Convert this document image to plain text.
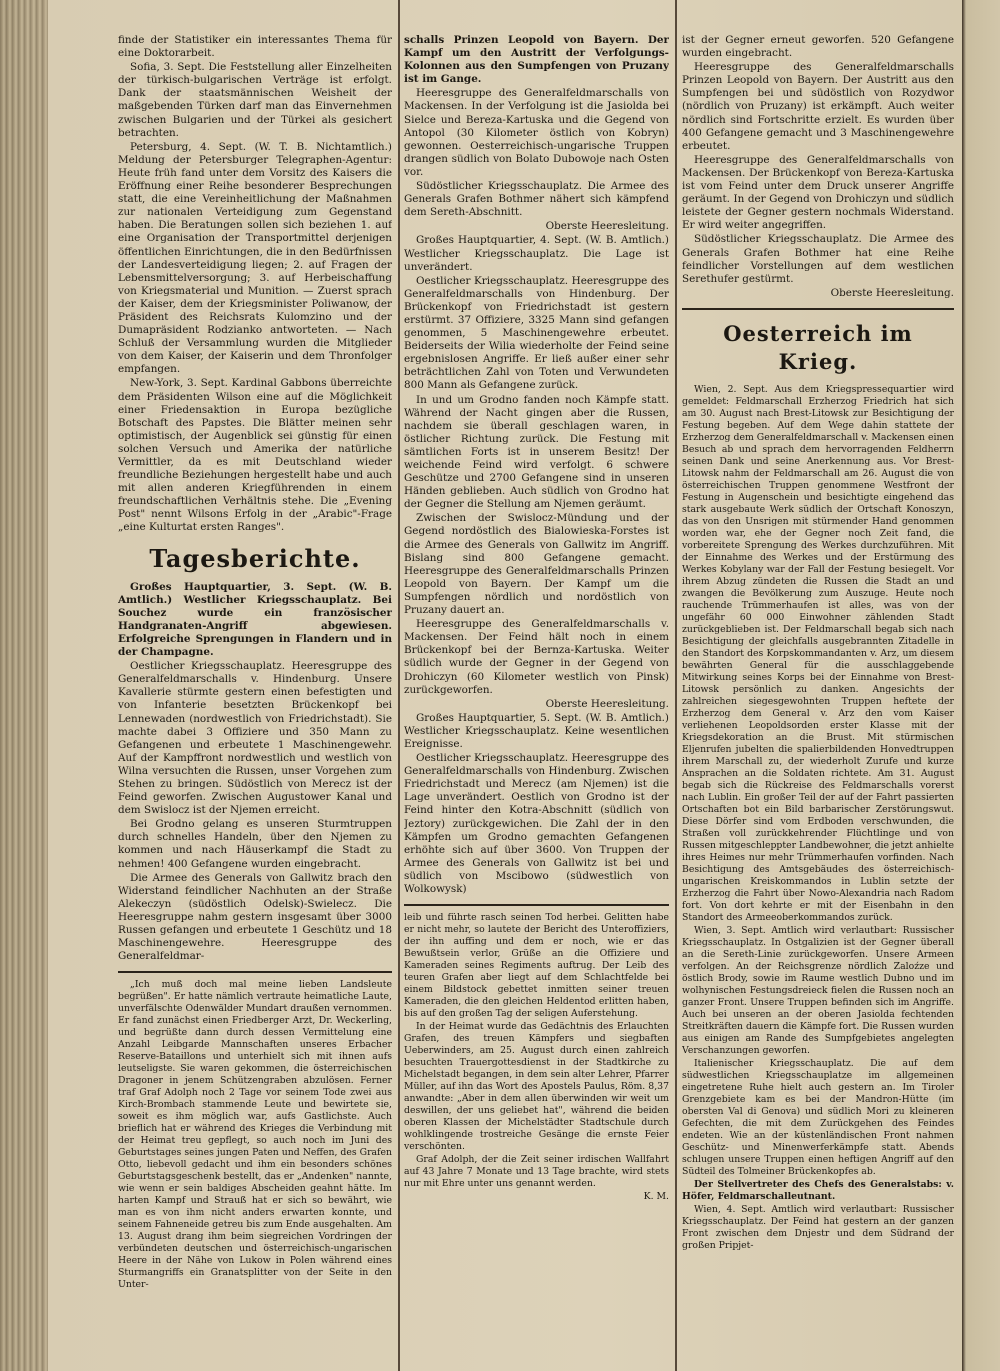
finde der Statistiker ein interessantes Thema für eine Doktorarbeit.

Sofia, 3. Sept. Die Feststellung aller Einzelheiten der türkisch-bulgarischen Verträge ist erfolgt. Dank der staatsmännischen Weisheit der maßgebenden Türken darf man das Einvernehmen zwischen Bulgarien und der Türkei als gesichert betrachten.

Petersburg, 4. Sept. (W. T. B. Nichtamtlich.) Meldung der Petersburger Telegraphen-Agentur: Heute früh fand unter dem Vorsitz des Kaisers die Eröffnung einer Reihe besonderer Besprechungen statt, die eine Vereinheitlichung der Maßnahmen zur nationalen Verteidigung zum Gegenstand haben. Die Beratungen sollen sich beziehen 1. auf eine Organisation der Transportmittel derjenigen öffentlichen Einrichtungen, die in den Bedürfnissen der Landesverteidigung liegen; 2. auf Fragen der Lebensmittelversorgung; 3. auf Herbeischaffung von Kriegsmaterial und Munition. — Zuerst sprach der Kaiser, dem der Kriegsminister Poliwanow, der Präsident des Reichsrats Kulomzino und der Dumapräsident Rodzianko antworteten. — Nach Schluß der Versammlung wurden die Mitglieder von dem Kaiser, der Kaiserin und dem Thronfolger empfangen.

New-York, 3. Sept. Kardinal Gabbons überreichte dem Präsidenten Wilson eine auf die Möglichkeit einer Friedensaktion in Europa bezügliche Botschaft des Papstes. Die Blätter meinen sehr optimistisch, der Augenblick sei günstig für einen solchen Versuch und Amerika der natürliche Vermittler, da es mit Deutschland wieder freundliche Beziehungen hergestellt habe und auch mit allen anderen Kriegführenden in einem freundschaftlichen Verhältnis stehe. Die „Evening Post" nennt Wilsons Erfolg in der „Arabic"-Frage „eine Kulturtat ersten Ranges".

Tagesberichte.

Großes Hauptquartier, 3. Sept. (W. B. Amtlich.) Westlicher Kriegsschauplatz. Bei Souchez wurde ein französischer Handgranaten-Angriff abgewiesen. Erfolgreiche Sprengungen in Flandern und in der Champagne.

Oestlicher Kriegsschauplatz. Heeresgruppe des Generalfeldmarschalls v. Hindenburg. Unsere Kavallerie stürmte gestern einen befestigten und von Infanterie besetzten Brückenkopf bei Lennewaden (nordwestlich von Friedrichstadt). Sie machte dabei 3 Offiziere und 350 Mann zu Gefangenen und erbeutete 1 Maschinengewehr. Auf der Kampffront nordwestlich und westlich von Wilna versuchten die Russen, unser Vorgehen zum Stehen zu bringen. Südöstlich von Merecz ist der Feind geworfen. Zwischen Augustower Kanal und dem Swislocz ist der Njemen erreicht.

Bei Grodno gelang es unseren Sturmtruppen durch schnelles Handeln, über den Njemen zu kommen und nach Häuserkampf die Stadt zu nehmen! 400 Gefangene wurden eingebracht.

Die Armee des Generals von Gallwitz brach den Widerstand feindlicher Nachhuten an der Straße Alekeczyn (südöstlich Odelsk)-Swielecz. Die Heeresgruppe nahm gestern insgesamt über 3000 Russen gefangen und erbeutete 1 Geschütz und 18 Maschinengewehre. Heeresgruppe des Generalfeldmar-

„Ich muß doch mal meine lieben Landsleute begrüßen". Er hatte nämlich vertraute heimatliche Laute, unverfälschte Odenwälder Mundart draußen vernommen. Er fand zunächst einen Friedberger Arzt, Dr. Weckerling, und begrüßte dann durch dessen Vermittelung eine Anzahl Leibgarde Mannschaften unseres Erbacher Reserve-Bataillons und unterhielt sich mit ihnen aufs leutseligste. Sie waren gekommen, die österreichischen Dragoner in jenem Schützengraben abzulösen. Ferner traf Graf Adolph noch 2 Tage vor seinem Tode zwei aus Kirch-Brombach stammende Leute und bewirtete sie, soweit es ihm möglich war, aufs Gastlichste. Auch brieflich hat er während des Krieges die Verbindung mit der Heimat treu gepflegt, so auch noch im Juni des Geburtstages seines jungen Paten und Neffen, des Grafen Otto, liebevoll gedacht und ihm ein besonders schönes Geburtstagsgeschenk bestellt, das er „Andenken" nannte, wie wenn er sein baldiges Abscheiden geahnt hätte. Im harten Kampf und Strauß hat er sich so bewährt, wie man es von ihm nicht anders erwarten konnte, und seinem Fahneneide getreu bis zum Ende ausgehalten. Am 13. August drang ihm beim siegreichen Vordringen der verbündeten deutschen und österreichisch-ungarischen Heere in der Nähe von Lukow in Polen während eines Sturmangriffs ein Granatsplitter von der Seite in den Unter-

schalls Prinzen Leopold von Bayern. Der Kampf um den Austritt der Verfolgungs-Kolonnen aus den Sumpfengen von Pruzany ist im Gange.

Heeresgruppe des Generalfeldmarschalls von Mackensen. In der Verfolgung ist die Jasiolda bei Sielce und Bereza-Kartuska und die Gegend von Antopol (30 Kilometer östlich von Kobryn) gewonnen. Oesterreichisch-ungarische Truppen drangen südlich von Bolato Dubowoje nach Osten vor.

Südöstlicher Kriegsschauplatz. Die Armee des Generals Grafen Bothmer nähert sich kämpfend dem Sereth-Abschnitt.

Oberste Heeresleitung.

Großes Hauptquartier, 4. Sept. (W. B. Amtlich.) Westlicher Kriegsschauplatz. Die Lage ist unverändert.

Oestlicher Kriegsschauplatz. Heeresgruppe des Generalfeldmarschalls von Hindenburg. Der Brückenkopf von Friedrichstadt ist gestern erstürmt. 37 Offiziere, 3325 Mann sind gefangen genommen, 5 Maschinengewehre erbeutet. Beiderseits der Wilia wiederholte der Feind seine ergebnislosen Angriffe. Er ließ außer einer sehr beträchtlichen Zahl von Toten und Verwundeten 800 Mann als Gefangene zurück.

In und um Grodno fanden noch Kämpfe statt. Während der Nacht gingen aber die Russen, nachdem sie überall geschlagen waren, in östlicher Richtung zurück. Die Festung mit sämtlichen Forts ist in unserem Besitz! Der weichende Feind wird verfolgt. 6 schwere Geschütze und 2700 Gefangene sind in unseren Händen geblieben. Auch südlich von Grodno hat der Gegner die Stellung am Njemen geräumt.

Zwischen der Swislocz-Mündung und der Gegend nordöstlich des Bialowieska-Forstes ist die Armee des Generals von Gallwitz im Angriff. Bislang sind 800 Gefangene gemacht. Heeresgruppe des Generalfeldmarschalls Prinzen Leopold von Bayern. Der Kampf um die Sumpfengen nördlich und nordöstlich von Pruzany dauert an.

Heeresgruppe des Generalfeldmarschalls v. Mackensen. Der Feind hält noch in einem Brückenkopf bei der Bernza-Kartuska. Weiter südlich wurde der Gegner in der Gegend von Drohiczyn (60 Kilometer westlich von Pinsk) zurückgeworfen.

Oberste Heeresleitung.

Großes Hauptquartier, 5. Sept. (W. B. Amtlich.) Westlicher Kriegsschauplatz. Keine wesentlichen Ereignisse.

Oestlicher Kriegsschauplatz. Heeresgruppe des Generalfeldmarschalls von Hindenburg. Zwischen Friedrichstadt und Merecz (am Njemen) ist die Lage unverändert. Oestlich von Grodno ist der Feind hinter den Kotra-Abschnitt (südlich von Jeztory) zurückgewichen. Die Zahl der in den Kämpfen um Grodno gemachten Gefangenen erhöhte sich auf über 3600. Von Truppen der Armee des Generals von Gallwitz ist bei und südlich von Mscibowo (südwestlich von Wolkowysk)

leib und führte rasch seinen Tod herbei. Gelitten habe er nicht mehr, so lautete der Bericht des Unteroffiziers, der ihn auffing und dem er noch, wie er das Bewußtsein verlor, Grüße an die Offiziere und Kameraden seines Regiments auftrug. Der Leib des teuren Grafen aber liegt auf dem Schlachtfelde bei einem Bildstock gebettet inmitten seiner treuen Kameraden, die den gleichen Heldentod erlitten haben, bis auf den großen Tag der seligen Auferstehung.

In der Heimat wurde das Gedächtnis des Erlauchten Grafen, des treuen Kämpfers und siegbaften Ueberwinders, am 25. August durch einen zahlreich besuchten Trauergottesdienst in der Stadtkirche zu Michelstadt begangen, in dem sein alter Lehrer, Pfarrer Müller, auf ihn das Wort des Apostels Paulus, Röm. 8,37 anwandte: „Aber in dem allen überwinden wir weit um deswillen, der uns geliebet hat", während die beiden oberen Klassen der Michelstädter Stadtschule durch wohlklingende trostreiche Gesänge die ernste Feier verschönten.

Graf Adolph, der die Zeit seiner irdischen Wallfahrt auf 43 Jahre 7 Monate und 13 Tage brachte, wird stets nur mit Ehre unter uns genannt werden.

K. M.

ist der Gegner erneut geworfen. 520 Gefangene wurden eingebracht.

Heeresgruppe des Generalfeldmarschalls Prinzen Leopold von Bayern. Der Austritt aus den Sumpfengen bei und südöstlich von Rozydwor (nördlich von Pruzany) ist erkämpft. Auch weiter nördlich sind Fortschritte erzielt. Es wurden über 400 Gefangene gemacht und 3 Maschinengewehre erbeutet.

Heeresgruppe des Generalfeldmarschalls von Mackensen. Der Brückenkopf von Bereza-Kartuska ist vom Feind unter dem Druck unserer Angriffe geräumt. In der Gegend von Drohiczyn und südlich leistete der Gegner gestern nochmals Widerstand. Er wird weiter angegriffen.

Südöstlicher Kriegsschauplatz. Die Armee des Generals Grafen Bothmer hat eine Reihe feindlicher Vorstellungen auf dem westlichen Serethufer gestürmt.

Oberste Heeresleitung.

Oesterreich im Krieg.

Wien, 2. Sept. Aus dem Kriegspressequartier wird gemeldet: Feldmarschall Erzherzog Friedrich hat sich am 30. August nach Brest-Litowsk zur Besichtigung der Festung begeben. Auf dem Wege dahin stattete der Erzherzog dem Generalfeldmarschall v. Mackensen einen Besuch ab und sprach dem hervorragenden Feldherrn seinen Dank und seine Anerkennung aus. Vor Brest-Litowsk nahm der Feldmarschall am 26. August die von österreichischen Truppen genommene Westfront der Festung in Augenschein und besichtigte eingehend das stark ausgebaute Werk südlich der Ortschaft Konoszyn, das von den Unsrigen mit stürmender Hand genommen worden war, ehe der Gegner noch Zeit fand, die vorbereitete Sprengung des Werkes durchzuführen. Mit der Einnahme des Werkes und der Erstürmung des Werkes Kobylany war der Fall der Festung besiegelt. Vor ihrem Abzug zündeten die Russen die Stadt an und zwangen die Bevölkerung zum Auszuge. Heute noch rauchende Trümmerhaufen ist alles, was von der ungefähr 60 000 Einwohner zählenden Stadt zurückgeblieben ist. Der Feldmarschall begab sich nach Besichtigung der gleichfalls ausgebrannten Zitadelle in den Standort des Korpskommandanten v. Arz, um diesem bewährten General für die ausschlaggebende Mitwirkung seines Korps bei der Einnahme von Brest-Litowsk persönlich zu danken. Angesichts der zahlreichen siegesgewohnten Truppen heftete der Erzherzog dem General v. Arz den vom Kaiser verliehenen Leopoldsorden erster Klasse mit der Kriegsdekoration an die Brust. Mit stürmischen Eljenrufen jubelten die spalierbildenden Honvedtruppen ihrem Marschall zu, der wiederholt Zurufe und kurze Ansprachen an die Soldaten richtete. Am 31. August begab sich die Rückreise des Feldmarschalls vorerst nach Lublin. Ein großer Teil der auf der Fahrt passierten Ortschaften bot ein Bild barbarischer Zerstörungswut. Diese Dörfer sind vom Erdboden verschwunden, die Straßen voll zurückkehrender Flüchtlinge und von Russen mitgeschleppter Landbewohner, die jetzt anhielte ihres Heimes nur mehr Trümmerhaufen vorfinden. Nach Besichtigung des Amtsgebäudes des österreichisch-ungarischen Kreiskommandos in Lublin setzte der Erzherzog die Fahrt über Nowo-Alexandria nach Radom fort. Von dort kehrte er mit der Eisenbahn in den Standort des Armeeoberkommandos zurück.

Wien, 3. Sept. Amtlich wird verlautbart: Russischer Kriegsschauplatz. In Ostgalizien ist der Gegner überall an die Sereth-Linie zurückgeworfen. Unsere Armeen verfolgen. An der Reichsgrenze nördlich Zaloźze und östlich Brody, sowie im Raume westlich Dubno und im wolhynischen Festungsdreieck fielen die Russen noch an ganzer Front. Unsere Truppen befinden sich im Angriffe. Auch bei unseren an der oberen Jasiolda fechtenden Streitkräften dauern die Kämpfe fort. Die Russen wurden aus einigen am Rande des Sumpfgebietes angelegten Verschanzungen geworfen.

Italienischer Kriegsschauplatz. Die auf dem südwestlichen Kriegsschauplatze im allgemeinen eingetretene Ruhe hielt auch gestern an. Im Tiroler Grenzgebiete kam es bei der Mandron-Hütte (im obersten Val di Genova) und südlich Mori zu kleineren Gefechten, die mit dem Zurückgehen des Feindes endeten. Wie an der küstenländischen Front nahmen Geschütz- und Minenwerferkämpfe statt. Abends schlugen unsere Truppen einen heftigen Angriff auf den Südteil des Tolmeiner Brückenkopfes ab.

Der Stellvertreter des Chefs des Generalstabs: v. Höfer, Feldmarschalleutnant.

Wien, 4. Sept. Amtlich wird verlautbart: Russischer Kriegsschauplatz. Der Feind hat gestern an der ganzen Front zwischen dem Dnjestr und dem Südrand der großen Pripjet-
